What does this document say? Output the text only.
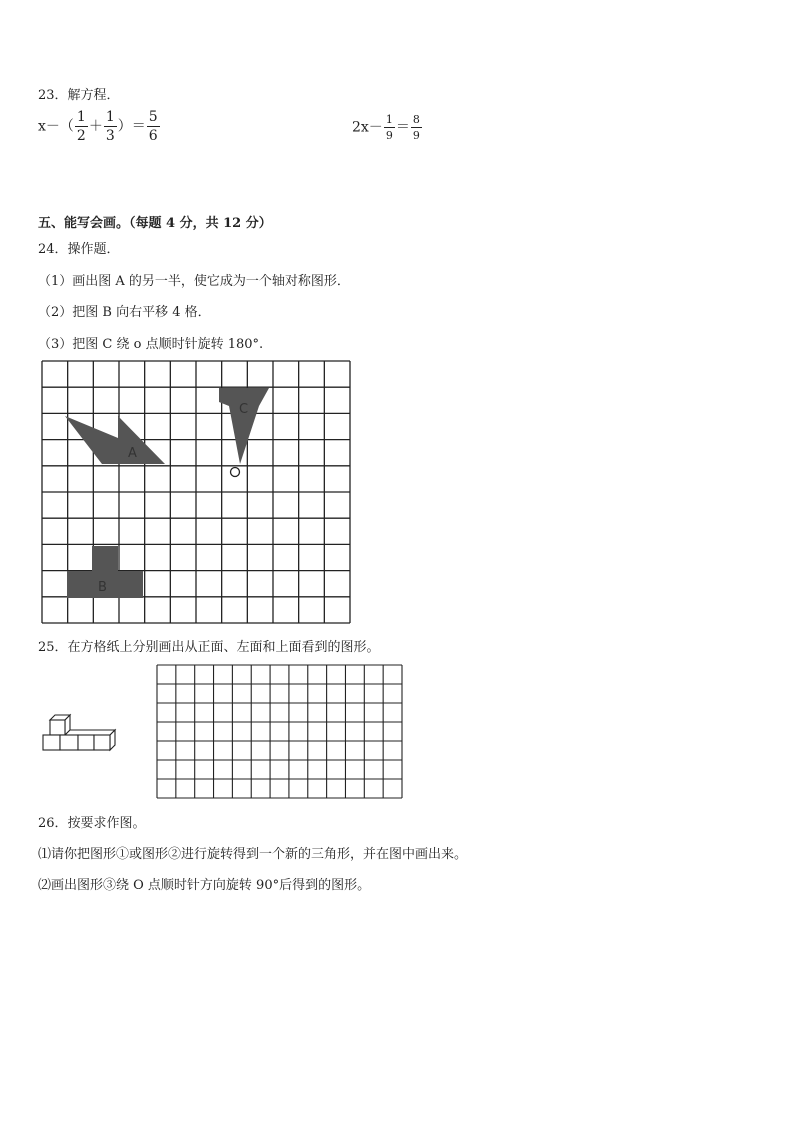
23．解方程．
$x-( \frac{1}{2} + \frac{1}{3}$ ）＝ $\frac{5}{6}$	$2x- \frac{1}{9} = \frac{8}{9}$
五、能写会画。（每题 4 分，共 12 分）
24．操作题．
（1）画出图 A 的另一半，使它成为一个轴对称图形．
（2）把图 B 向右平移 4 格．
（3）把图 C 绕 o 点顺时针旋转 180°.
A
B
C
25．在方格纸上分别画出从正面、左面和上面看到的图形。
26．按要求作图。
⑴请你把图形①或图形②进行旋转得到一个新的三角形，并在图中画出来。
⑵画出图形③绕 O 点顺时针方向旋转 90°后得到的图形。
